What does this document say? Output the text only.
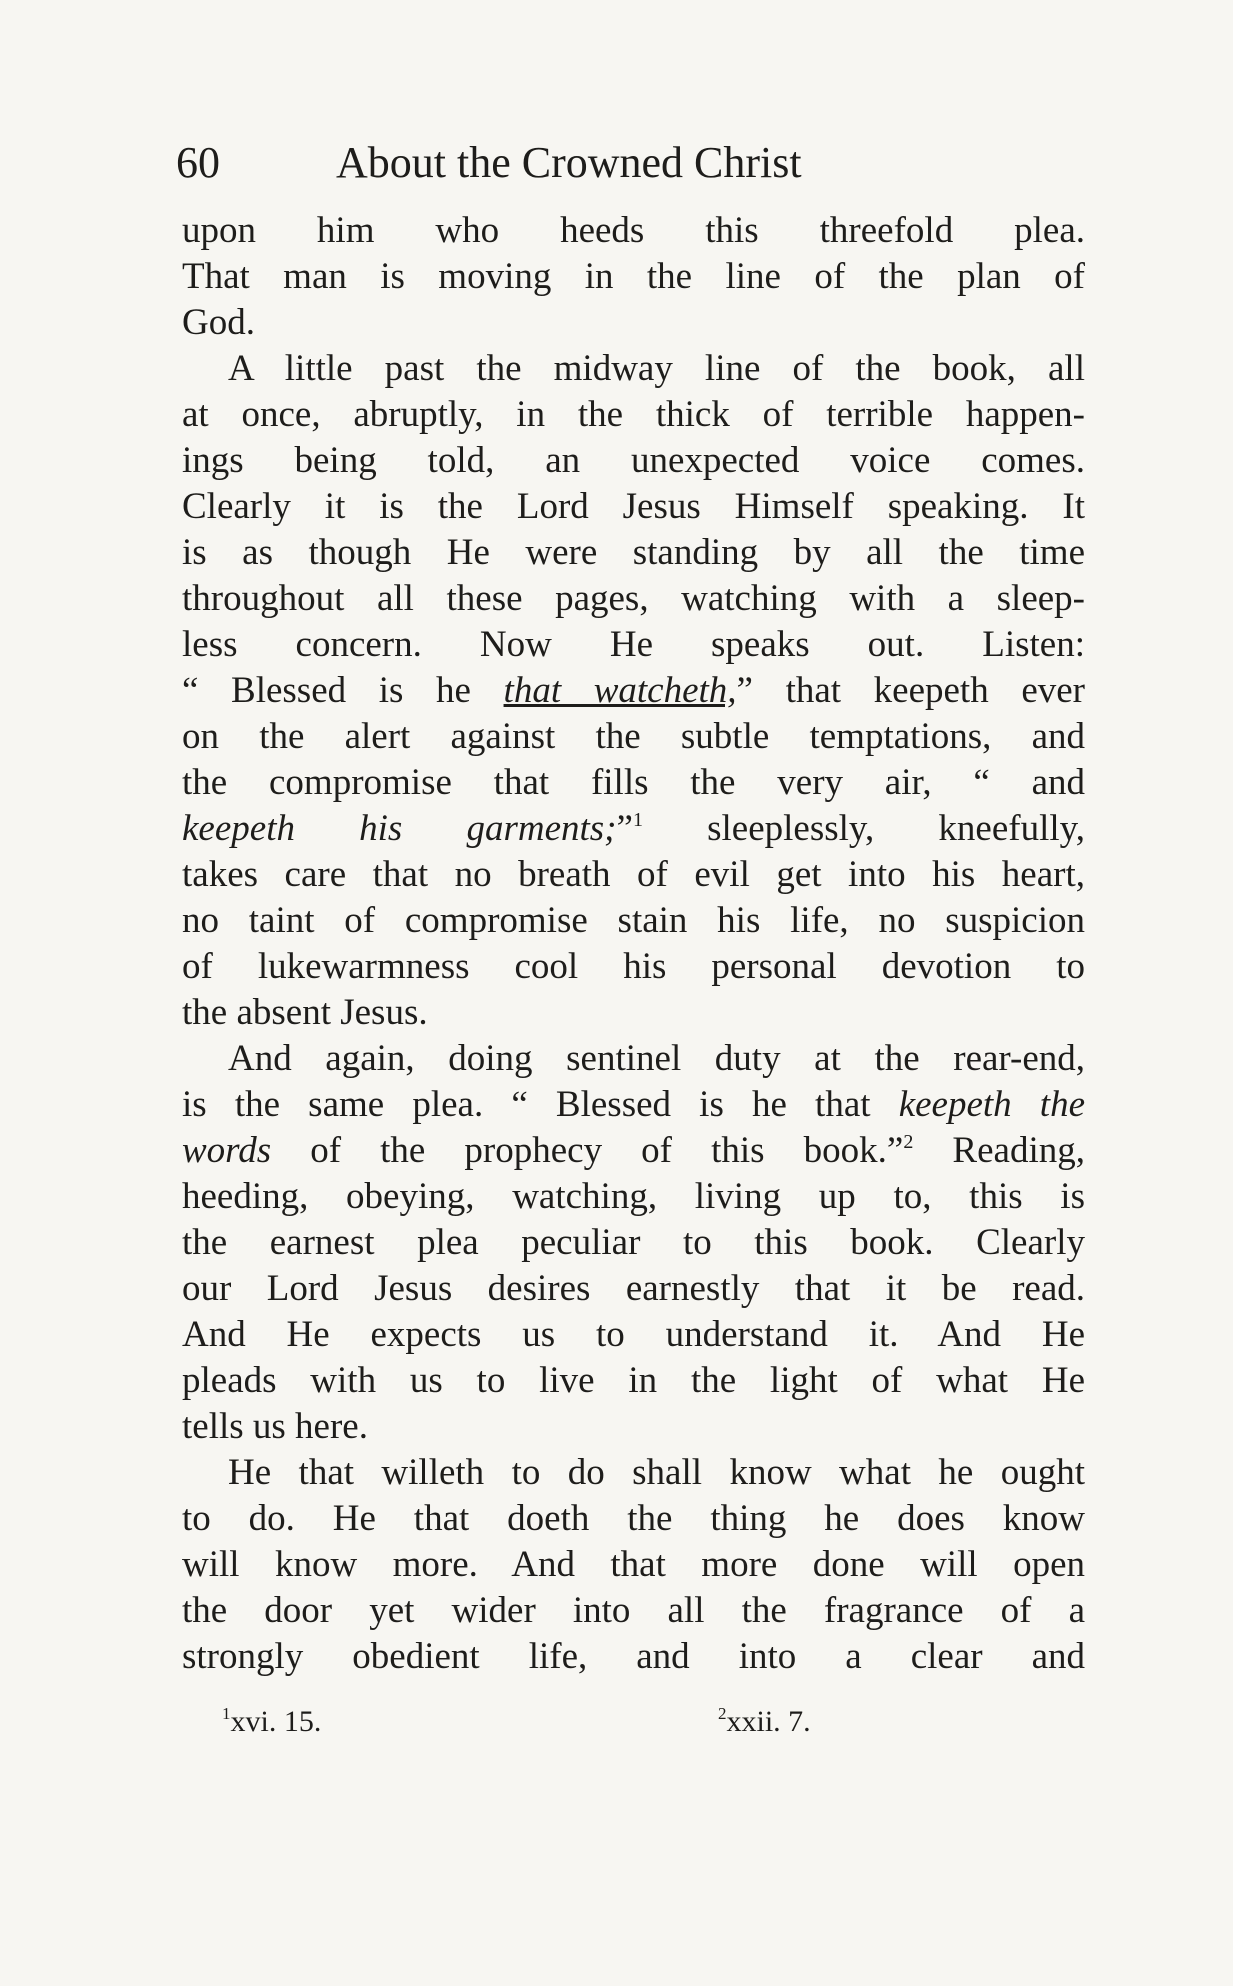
60	About the Crowned Christ
upon him who heeds this threefold plea.
That man is moving in the line of the plan of
God.
A little past the midway line of the book, all
at once, abruptly, in the thick of terrible happen-
ings being told, an unexpected voice comes.
Clearly it is the Lord Jesus Himself speaking. It
is as though He were standing by all the time
throughout all these pages, watching with a sleep-
less concern. Now He speaks out. Listen:
“ Blessed is he that watcheth,” that keepeth ever
on the alert against the subtle temptations, and
the compromise that fills the very air, “ and
keepeth his garments;”$^1$ sleeplessly, kneefully,
takes care that no breath of evil get into his heart,
no taint of compromise stain his life, no suspicion
of lukewarmness cool his personal devotion to
the absent Jesus.
And again, doing sentinel duty at the rear-end,
is the same plea. “ Blessed is he that keepeth the
words of the prophecy of this book.”$^2$ Reading,
heeding, obeying, watching, living up to, this is
the earnest plea peculiar to this book. Clearly
our Lord Jesus desires earnestly that it be read.
And He expects us to understand it. And He
pleads with us to live in the light of what He
tells us here.
He that willeth to do shall know what he ought
to do. He that doeth the thing he does know
will know more. And that more done will open
the door yet wider into all the fragrance of a
strongly obedient life, and into a clear and
$^1$xvi. 15.	$^2$xxii. 7.
